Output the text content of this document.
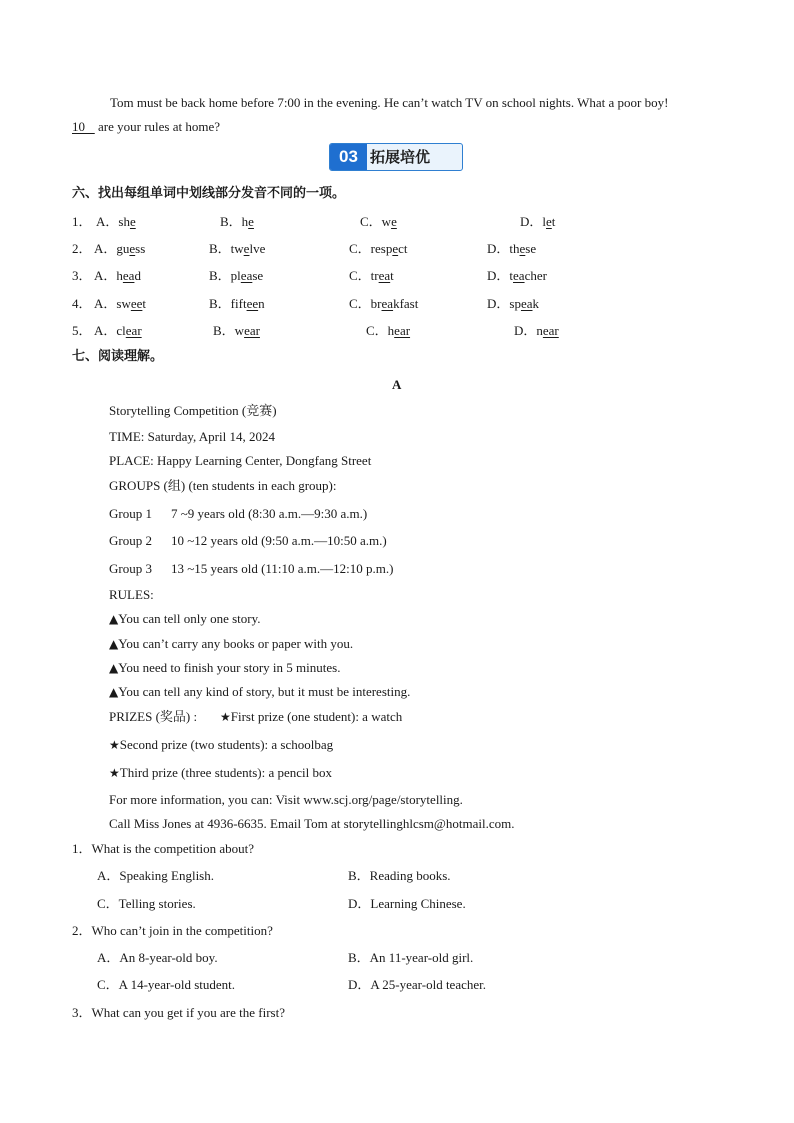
Tom must be back home before 7:00 in the evening. He can’t watch TV on school nights. What a poor boy!
10    are your rules at home?
03 拓展培优
六、找出每组单词中划线部分发音不同的一项。
1． A．she	B．he	C．we	D．let
2． A．guess	B．twelve	C．respect	D．these
3． A．head	B．please	C．treat	D．teacher
4． A．sweet	B．fifteen	C．breakfast	D．speak
5． A．clear	B．wear	C．hear	D．near
七、阅读理解。
A
Storytelling Competition (竞赛)
TIME: Saturday, April 14, 2024
PLACE: Happy Learning Center, Dongfang Street
GROUPS (组) (ten students in each group):
Group 1 7 ~9 years old (8:30 a.m.—9:30 a.m.)
Group 2 10 ~12 years old (9:50 a.m.—10:50 a.m.)
Group 3 13 ~15 years old (11:10 a.m.—12:10 p.m.)
RULES:
▲You can tell only one story.
▲You can’t carry any books or paper with you.
▲You need to finish your story in 5 minutes.
▲You can tell any kind of story, but it must be interesting.
PRIZES (奖品) : ★First prize (one student): a watch
★Second prize (two students): a schoolbag
★Third prize (three students): a pencil box
For more information, you can: Visit www.scj.org/page/storytelling.
Call Miss Jones at 4936-6635. Email Tom at storytellinghlcsm@hotmail.com.
1．What is the competition about?
A．Speaking English.	B．Reading books.
C．Telling stories.	D．Learning Chinese.
2．Who can’t join in the competition?
A．An 8-year-old boy.	B．An 11-year-old girl.
C．A 14-year-old student.	D．A 25-year-old teacher.
3．What can you get if you are the first?
